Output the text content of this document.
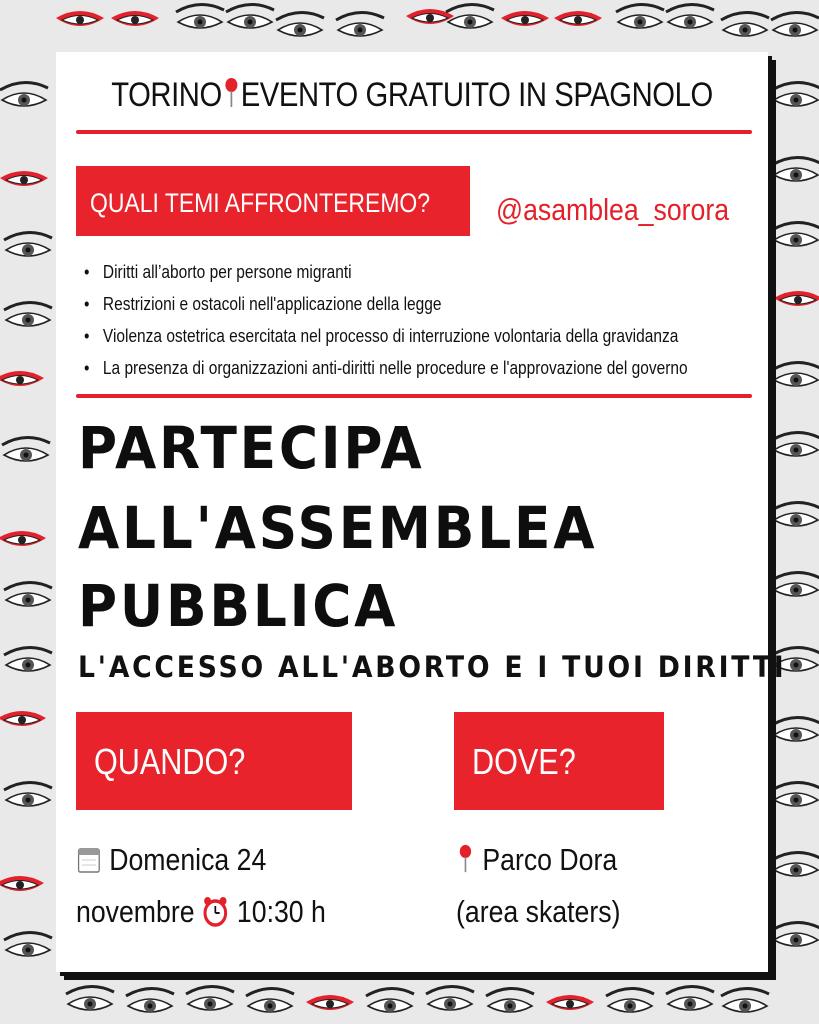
TORINO EVENTO GRATUITO IN SPAGNOLO
QUALI TEMI AFFRONTEREMO?	@asamblea_sorora
• Diritti all’aborto per persone migranti
• Restrizioni e ostacoli nell'applicazione della legge
• Violenza ostetrica esercitata nel processo di interruzione volontaria della gravidanza
• La presenza di organizzazioni anti-diritti nelle procedure e l'approvazione del governo
PARTECIPA
ALL'ASSEMBLEA
PUBBLICA
L'ACCESSO ALL'ABORTO E I TUOI DIRITTI
QUANDO?	DOVE?
Domenica 24
novembre 10:30 h
Parco Dora
(area skaters)
